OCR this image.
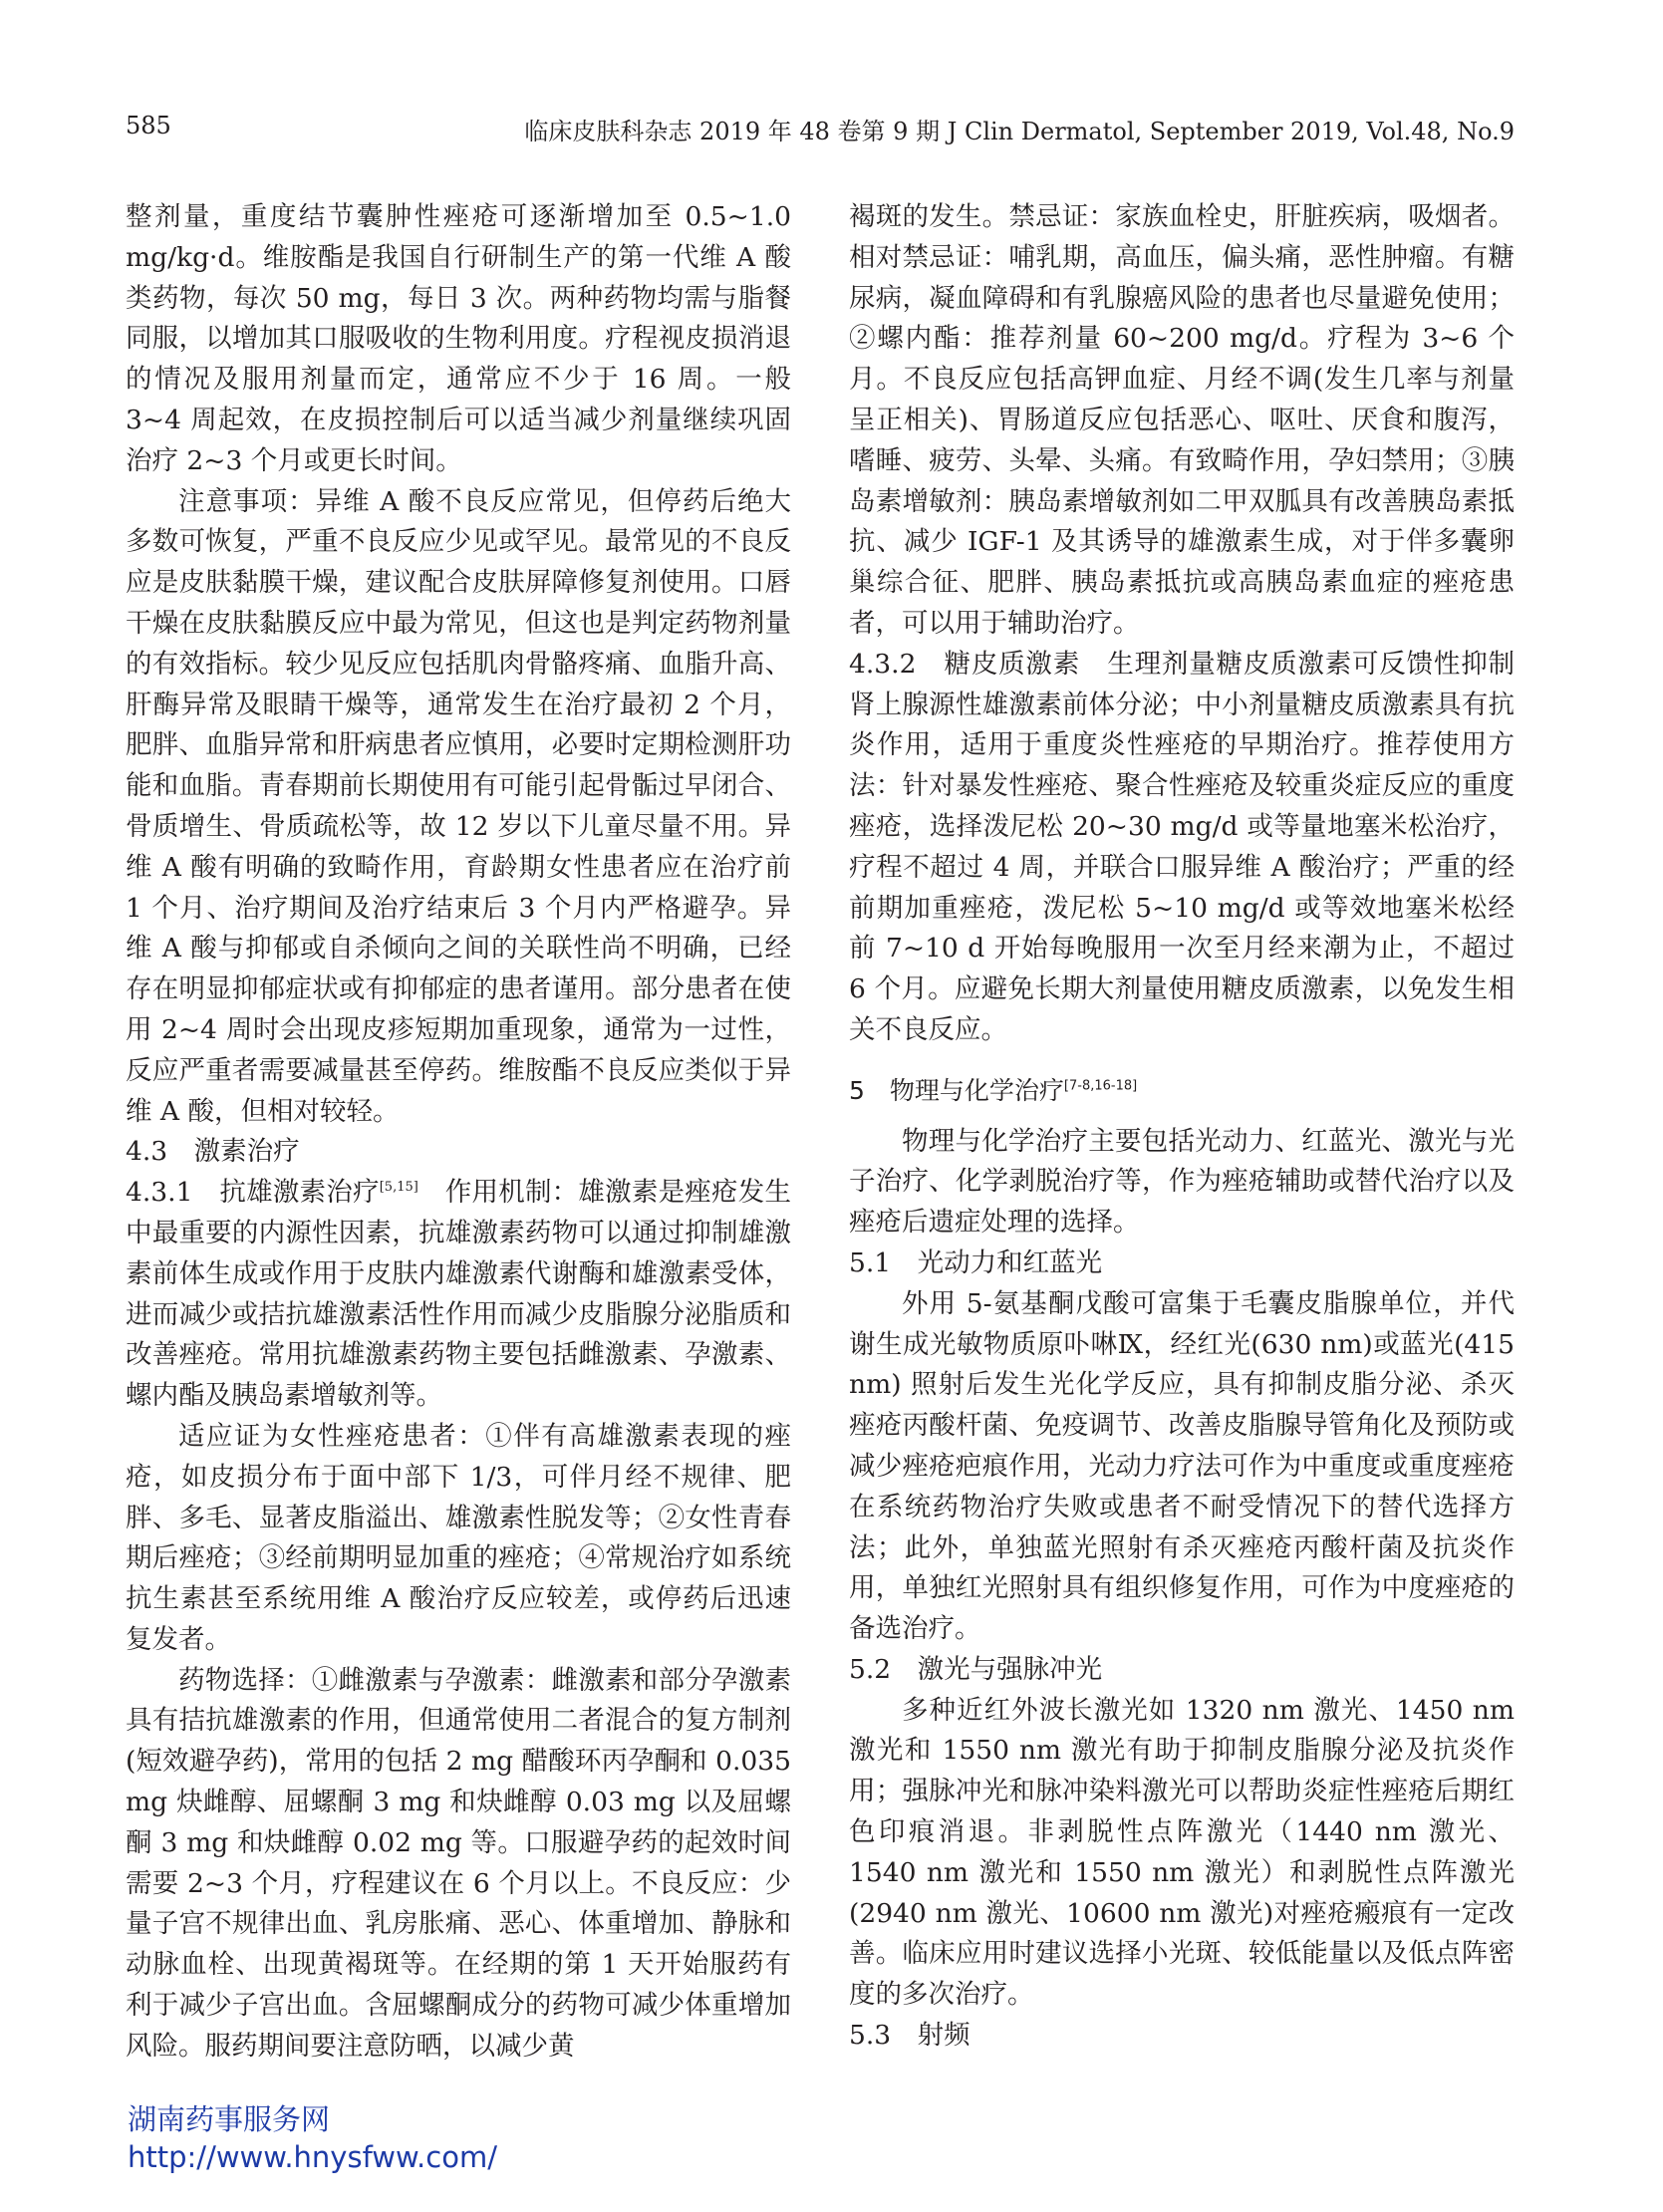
585	临床皮肤科杂志 2019 年 48 卷第 9 期 J Clin Dermatol, September 2019, Vol.48, No.9

整剂量，重度结节囊肿性痤疮可逐渐增加至 0.5~1.0 mg/kg·d。维胺酯是我国自行研制生产的第一代维 A 酸类药物，每次 50 mg，每日 3 次。两种药物均需与脂餐同服，以增加其口服吸收的生物利用度。疗程视皮损消退的情况及服用剂量而定，通常应不少于 16 周。一般 3~4 周起效，在皮损控制后可以适当减少剂量继续巩固治疗 2~3 个月或更长时间。

注意事项：异维 A 酸不良反应常见，但停药后绝大多数可恢复，严重不良反应少见或罕见。最常见的不良反应是皮肤黏膜干燥，建议配合皮肤屏障修复剂使用。口唇干燥在皮肤黏膜反应中最为常见，但这也是判定药物剂量的有效指标。较少见反应包括肌肉骨骼疼痛、血脂升高、肝酶异常及眼睛干燥等，通常发生在治疗最初 2 个月，肥胖、血脂异常和肝病患者应慎用，必要时定期检测肝功能和血脂。青春期前长期使用有可能引起骨骺过早闭合、骨质增生、骨质疏松等，故 12 岁以下儿童尽量不用。异维 A 酸有明确的致畸作用，育龄期女性患者应在治疗前 1 个月、治疗期间及治疗结束后 3 个月内严格避孕。异维 A 酸与抑郁或自杀倾向之间的关联性尚不明确，已经存在明显抑郁症状或有抑郁症的患者谨用。部分患者在使用 2~4 周时会出现皮疹短期加重现象，通常为一过性，反应严重者需要减量甚至停药。维胺酯不良反应类似于异维 A 酸，但相对较轻。

4.3　激素治疗

4.3.1　抗雄激素治疗[5,15]　作用机制：雄激素是痤疮发生中最重要的内源性因素，抗雄激素药物可以通过抑制雄激素前体生成或作用于皮肤内雄激素代谢酶和雄激素受体，进而减少或拮抗雄激素活性作用而减少皮脂腺分泌脂质和改善痤疮。常用抗雄激素药物主要包括雌激素、孕激素、螺内酯及胰岛素增敏剂等。

适应证为女性痤疮患者：①伴有高雄激素表现的痤疮，如皮损分布于面中部下 1/3，可伴月经不规律、肥胖、多毛、显著皮脂溢出、雄激素性脱发等；②女性青春期后痤疮；③经前期明显加重的痤疮；④常规治疗如系统抗生素甚至系统用维 A 酸治疗反应较差，或停药后迅速复发者。

药物选择：①雌激素与孕激素：雌激素和部分孕激素具有拮抗雄激素的作用，但通常使用二者混合的复方制剂(短效避孕药)，常用的包括 2 mg 醋酸环丙孕酮和 0.035 mg 炔雌醇、屈螺酮 3 mg 和炔雌醇 0.03 mg 以及屈螺酮 3 mg 和炔雌醇 0.02 mg 等。口服避孕药的起效时间需要 2~3 个月，疗程建议在 6 个月以上。不良反应：少量子宫不规律出血、乳房胀痛、恶心、体重增加、静脉和动脉血栓、出现黄褐斑等。在经期的第 1 天开始服药有利于减少子宫出血。含屈螺酮成分的药物可减少体重增加风险。服药期间要注意防晒，以减少黄

褐斑的发生。禁忌证：家族血栓史，肝脏疾病，吸烟者。相对禁忌证：哺乳期，高血压，偏头痛，恶性肿瘤。有糖尿病，凝血障碍和有乳腺癌风险的患者也尽量避免使用；②螺内酯：推荐剂量 60~200 mg/d。疗程为 3~6 个月。不良反应包括高钾血症、月经不调(发生几率与剂量呈正相关)、胃肠道反应包括恶心、呕吐、厌食和腹泻，嗜睡、疲劳、头晕、头痛。有致畸作用，孕妇禁用；③胰岛素增敏剂：胰岛素增敏剂如二甲双胍具有改善胰岛素抵抗、减少 IGF-1 及其诱导的雄激素生成，对于伴多囊卵巢综合征、肥胖、胰岛素抵抗或高胰岛素血症的痤疮患者，可以用于辅助治疗。

4.3.2　糖皮质激素　生理剂量糖皮质激素可反馈性抑制肾上腺源性雄激素前体分泌；中小剂量糖皮质激素具有抗炎作用，适用于重度炎性痤疮的早期治疗。推荐使用方法：针对暴发性痤疮、聚合性痤疮及较重炎症反应的重度痤疮，选择泼尼松 20~30 mg/d 或等量地塞米松治疗，疗程不超过 4 周，并联合口服异维 A 酸治疗；严重的经前期加重痤疮，泼尼松 5~10 mg/d 或等效地塞米松经前 7~10 d 开始每晚服用一次至月经来潮为止，不超过 6 个月。应避免长期大剂量使用糖皮质激素，以免发生相关不良反应。

5　物理与化学治疗[7-8,16-18]

物理与化学治疗主要包括光动力、红蓝光、激光与光子治疗、化学剥脱治疗等，作为痤疮辅助或替代治疗以及痤疮后遗症处理的选择。

5.1　光动力和红蓝光

外用 5-氨基酮戊酸可富集于毛囊皮脂腺单位，并代谢生成光敏物质原卟啉Ⅸ，经红光(630 nm)或蓝光(415 nm) 照射后发生光化学反应，具有抑制皮脂分泌、杀灭痤疮丙酸杆菌、免疫调节、改善皮脂腺导管角化及预防或减少痤疮疤痕作用，光动力疗法可作为中重度或重度痤疮在系统药物治疗失败或患者不耐受情况下的替代选择方法；此外，单独蓝光照射有杀灭痤疮丙酸杆菌及抗炎作用，单独红光照射具有组织修复作用，可作为中度痤疮的备选治疗。

5.2　激光与强脉冲光

多种近红外波长激光如 1320 nm 激光、1450 nm 激光和 1550 nm 激光有助于抑制皮脂腺分泌及抗炎作用；强脉冲光和脉冲染料激光可以帮助炎症性痤疮后期红色印痕消退。非剥脱性点阵激光（1440 nm 激光、1540 nm 激光和 1550 nm 激光）和剥脱性点阵激光(2940 nm 激光、10600 nm 激光)对痤疮瘢痕有一定改善。临床应用时建议选择小光斑、较低能量以及低点阵密度的多次治疗。

5.3　射频

湖南药事服务网
http://www.hnysfww.com/
